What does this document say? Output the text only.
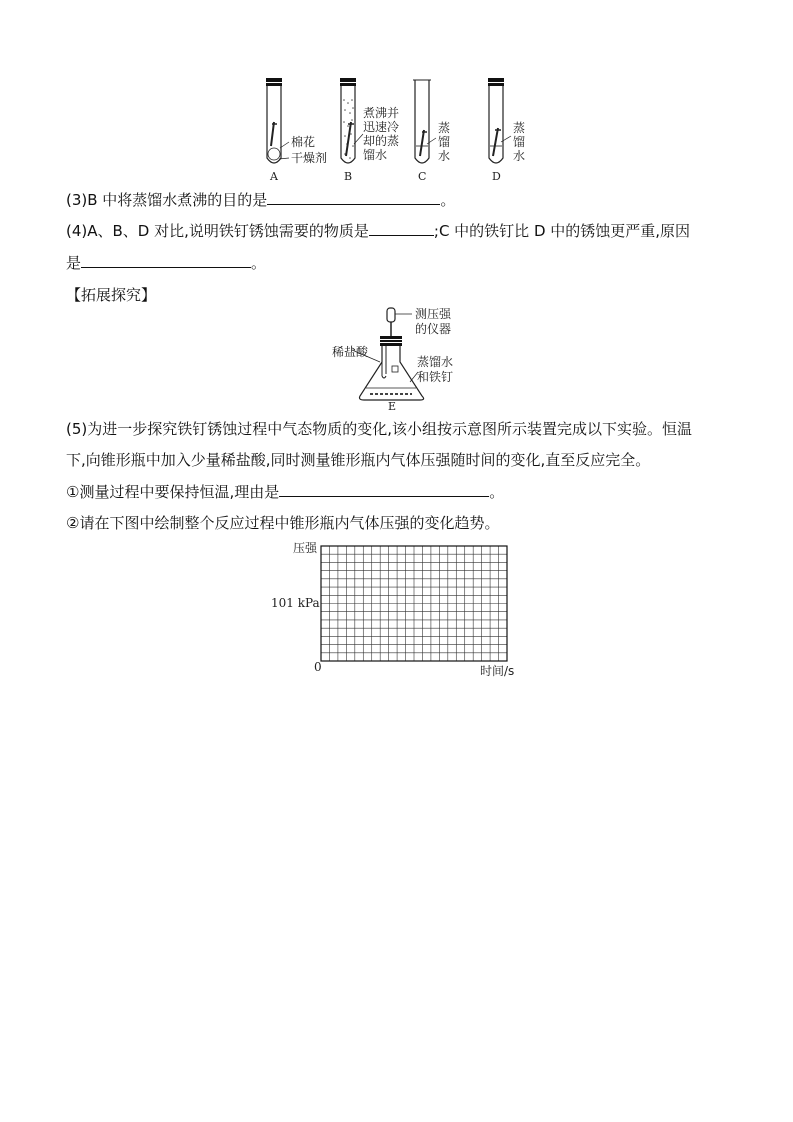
棉花
干燥剂
煮沸并
迅速冷
却的蒸
馏水
蒸
馏
水
蒸
馏
水
A	B	C	D
(3)B 中将蒸馏水煮沸的目的是	。
(4)A、B、D 对比,说明铁钉锈蚀需要的物质是	;C 中的铁钉比 D 中的锈蚀更严重,原因
是	。
【拓展探究】
测压强
的仪器
稀盐酸
蒸馏水
和铁钉
E
(5)为进一步探究铁钉锈蚀过程中气态物质的变化,该小组按示意图所示装置完成以下实验。恒温
下,向锥形瓶中加入少量稀盐酸,同时测量锥形瓶内气体压强随时间的变化,直至反应完全。
①测量过程中要保持恒温,理由是	。
②请在下图中绘制整个反应过程中锥形瓶内气体压强的变化趋势。
压强
101 kPa
0	时间/s
